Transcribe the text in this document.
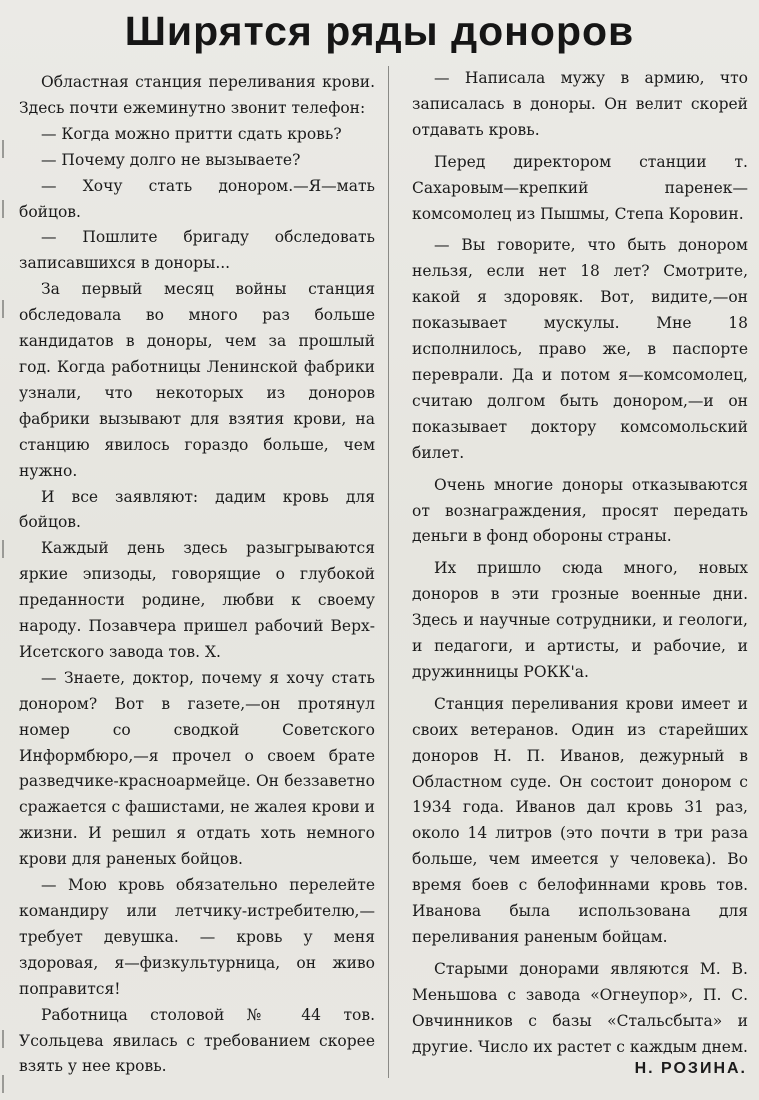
Ширятся ряды доноров

Областная станция переливания крови. Здесь почти ежеминутно звонит телефон:

— Когда можно притти сдать кровь?

— Почему долго не вызываете?

— Хочу стать донором.—Я—мать бойцов.

— Пошлите бригаду обследовать записавшихся в доноры...

За первый месяц войны станция обследовала во много раз больше кандидатов в доноры, чем за прошлый год. Когда работницы Ленинской фабрики узнали, что некоторых из доноров фабрики вызывают для взятия крови, на станцию явилось гораздо больше, чем нужно.

И все заявляют: дадим кровь для бойцов.

Каждый день здесь разыгрываются яркие эпизоды, говорящие о глубокой преданности родине, любви к своему народу. Позавчера пришел рабочий Верх-Исетского завода тов. Х.

— Знаете, доктор, почему я хочу стать донором? Вот в газете,—он протянул номер со сводкой Советского Информбюро,—я прочел о своем брате разведчике-красноармейце. Он беззаветно сражается с фашистами, не жалея крови и жизни. И решил я отдать хоть немного крови для раненых бойцов.

— Мою кровь обязательно перелейте командиру или летчику-истребителю,—требует девушка. — кровь у меня здоровая, я—физкультурница, он живо поправится!

Работница столовой № 44 тов. Усольцева явилась с требованием скорее взять у нее кровь.

— Написала мужу в армию, что записалась в доноры. Он велит скорей отдавать кровь.

Перед директором станции т. Сахаровым—крепкий паренек—комсомолец из Пышмы, Степа Коровин.

— Вы говорите, что быть донором нельзя, если нет 18 лет? Смотрите, какой я здоровяк. Вот, видите,—он показывает мускулы. Мне 18 исполнилось, право же, в паспорте переврали. Да и потом я—комсомолец, считаю долгом быть донором,—и он показывает доктору комсомольский билет.

Очень многие доноры отказываются от вознаграждения, просят передать деньги в фонд обороны страны.

Их пришло сюда много, новых доноров в эти грозные военные дни. Здесь и научные сотрудники, и геологи, и педагоги, и артисты, и рабочие, и дружинницы РОКК'а.

Станция переливания крови имеет и своих ветеранов. Один из старейших доноров Н. П. Иванов, дежурный в Областном суде. Он состоит донором с 1934 года. Иванов дал кровь 31 раз, около 14 литров (это почти в три раза больше, чем имеется у человека). Во время боев с белофиннами кровь тов. Иванова была использована для переливания раненым бойцам.

Старыми донорами являются М. В. Меньшова с завода «Огнеупор», П. С. Овчинников с базы «Стальсбыта» и другие. Число их растет с каждым днем.

Н. РОЗИНА.
